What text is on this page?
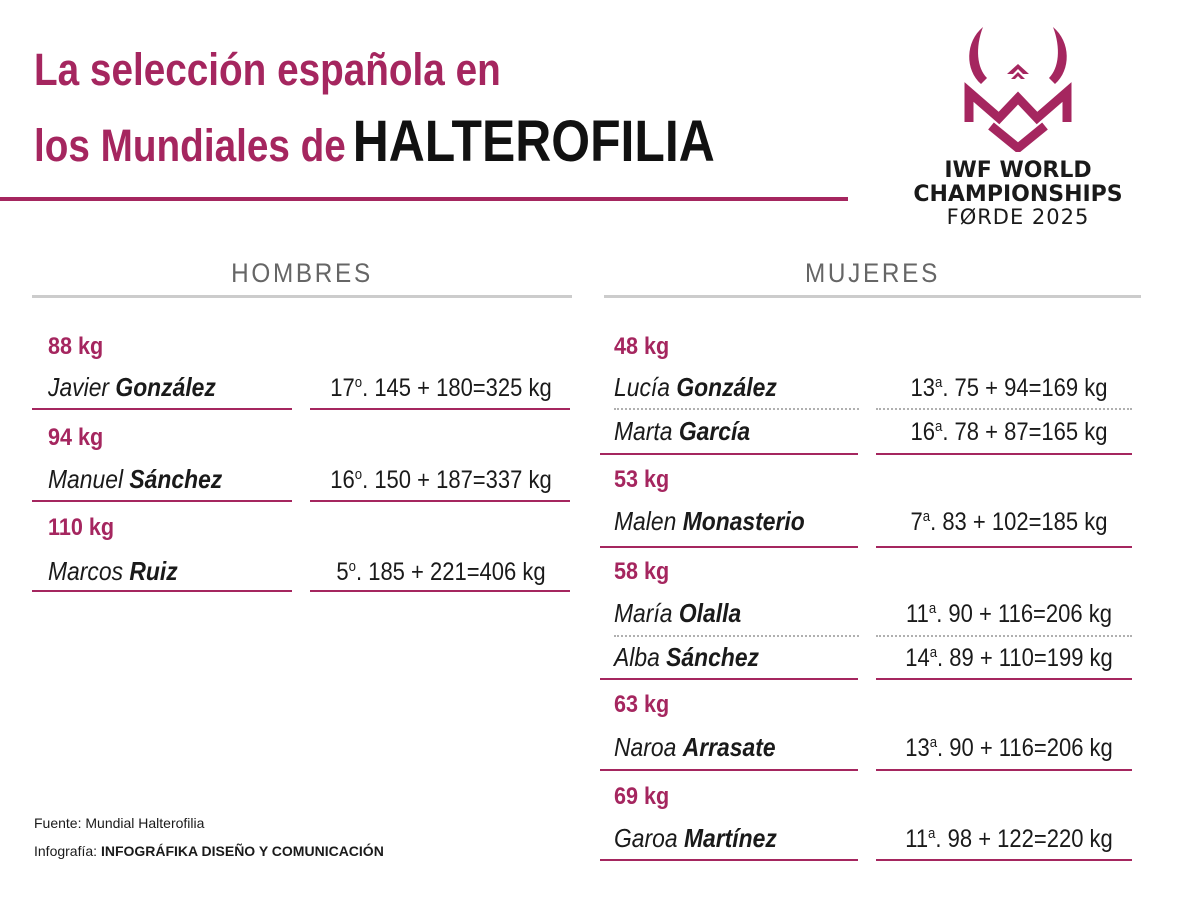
La selección española en
los Mundiales de HALTEROFILIA	IWF WORLD
CHAMPIONSHIPS
FØRDE 2025
HOMBRES	MUJERES
88 kg
Javier González	17$^o$. 145 + 180=325 kg
94 kg
Manuel Sánchez	16$^o$. 150 + 187=337 kg
110 kg
Marcos Ruiz	5$^o$. 185 + 221=406 kg
48 kg
Lucía González	13$^a$. 75 + 94=169 kg
Marta García	16$^a$. 78 + 87=165 kg
53 kg
Malen Monasterio	7$^a$. 83 + 102=185 kg
58 kg
María Olalla	11$^a$. 90 + 116=206 kg
Alba Sánchez	14$^a$. 89 + 110=199 kg
63 kg
Naroa Arrasate	13$^a$. 90 + 116=206 kg
69 kg
Garoa Martínez	11$^a$. 98 + 122=220 kg
Fuente: Mundial Halterofilia
Infografía: INFOGRÁFIKA DISEÑO Y COMUNICACIÓN
